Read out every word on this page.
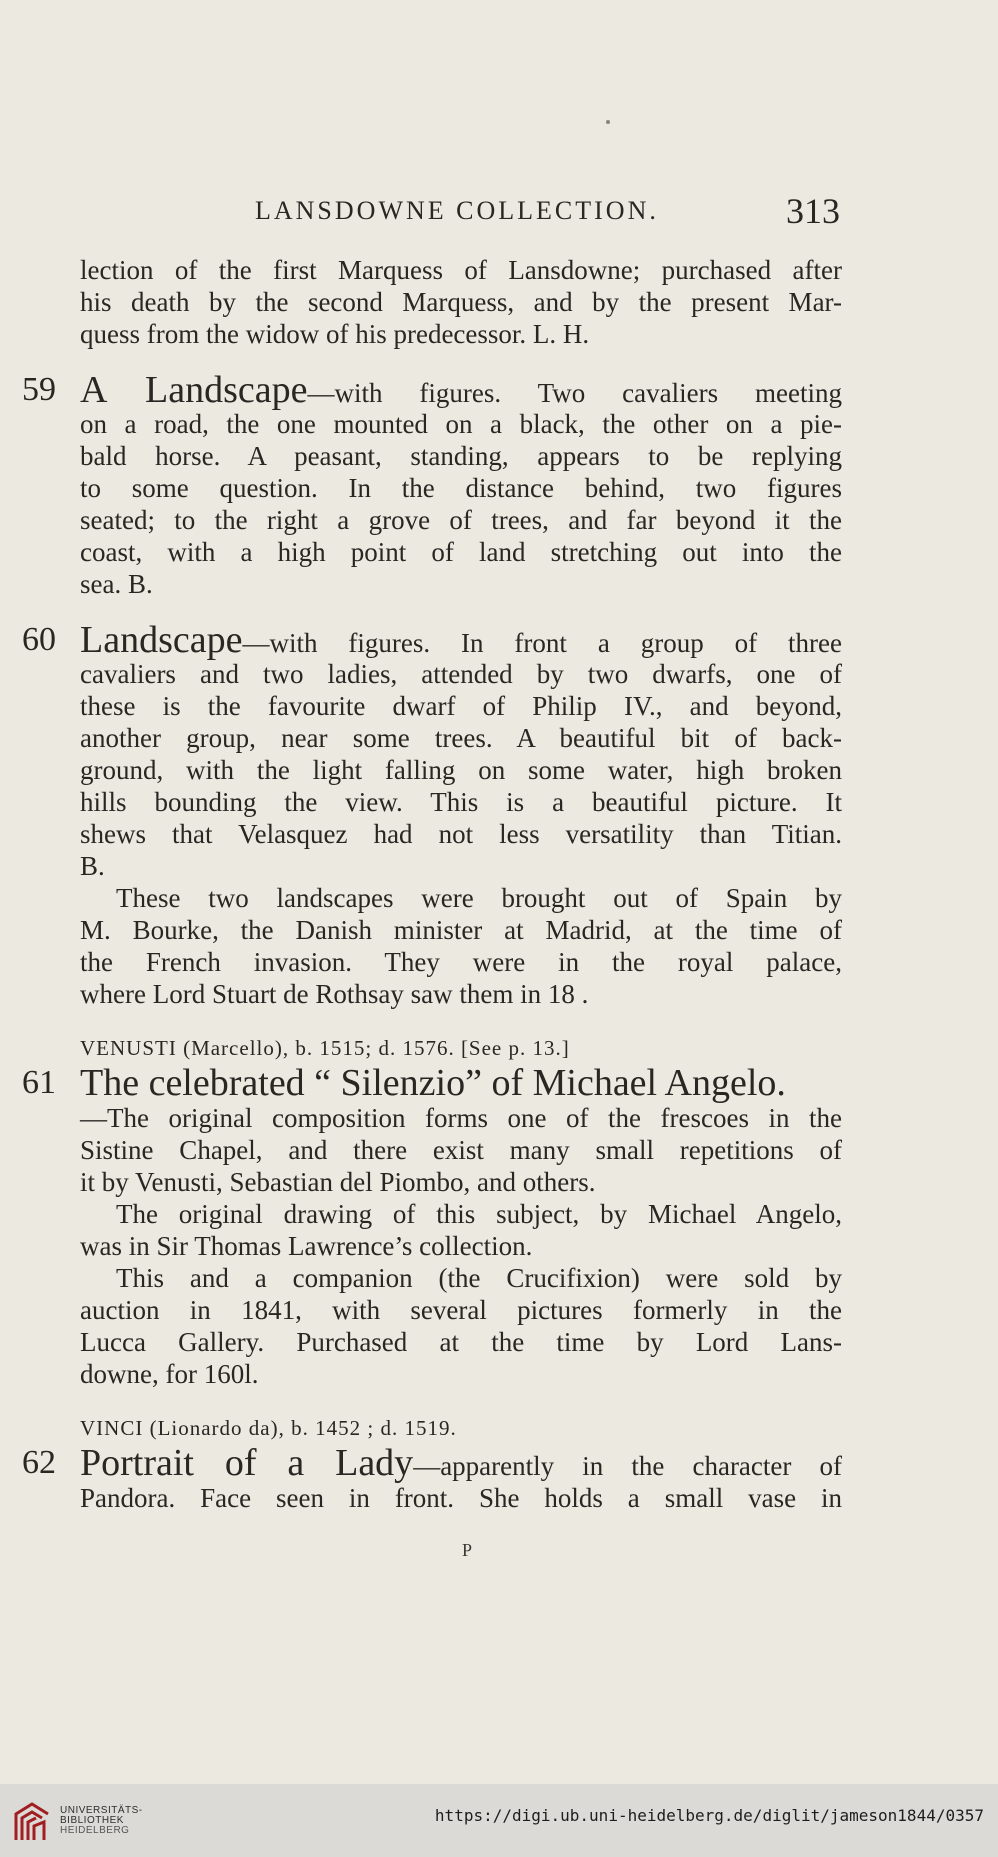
LANSDOWNE COLLECTION.	313
lection of the first Marquess of Lansdowne; purchased after
his death by the second Marquess, and by the present Mar-
quess from the widow of his predecessor. L. H.
59 A Landscape—with figures. Two cavaliers meeting
on a road, the one mounted on a black, the other on a pie-
bald horse. A peasant, standing, appears to be replying
to some question. In the distance behind, two figures
seated; to the right a grove of trees, and far beyond it the
coast, with a high point of land stretching out into the
sea. B.
60 Landscape—with figures. In front a group of three
cavaliers and two ladies, attended by two dwarfs, one of
these is the favourite dwarf of Philip IV., and beyond,
another group, near some trees. A beautiful bit of back-
ground, with the light falling on some water, high broken
hills bounding the view. This is a beautiful picture. It
shews that Velasquez had not less versatility than Titian.
B.
These two landscapes were brought out of Spain by
M. Bourke, the Danish minister at Madrid, at the time of
the French invasion. They were in the royal palace,
where Lord Stuart de Rothsay saw them in 18 .
VENUSTI (Marcello), b. 1515; d. 1576. [See p. 13.]
61 The celebrated “ Silenzio” of Michael Angelo.
—The original composition forms one of the frescoes in the
Sistine Chapel, and there exist many small repetitions of
it by Venusti, Sebastian del Piombo, and others.
The original drawing of this subject, by Michael Angelo,
was in Sir Thomas Lawrence’s collection.
This and a companion (the Crucifixion) were sold by
auction in 1841, with several pictures formerly in the
Lucca Gallery. Purchased at the time by Lord Lans-
downe, for 160l.
VINCI (Lionardo da), b. 1452 ; d. 1519.
62 Portrait of a Lady—apparently in the character of
Pandora. Face seen in front. She holds a small vase in
P
UNIVERSITÄTS-
BIBLIOTHEK
HEIDELBERG
https://digi.ub.uni-heidelberg.de/diglit/jameson1844/0357
